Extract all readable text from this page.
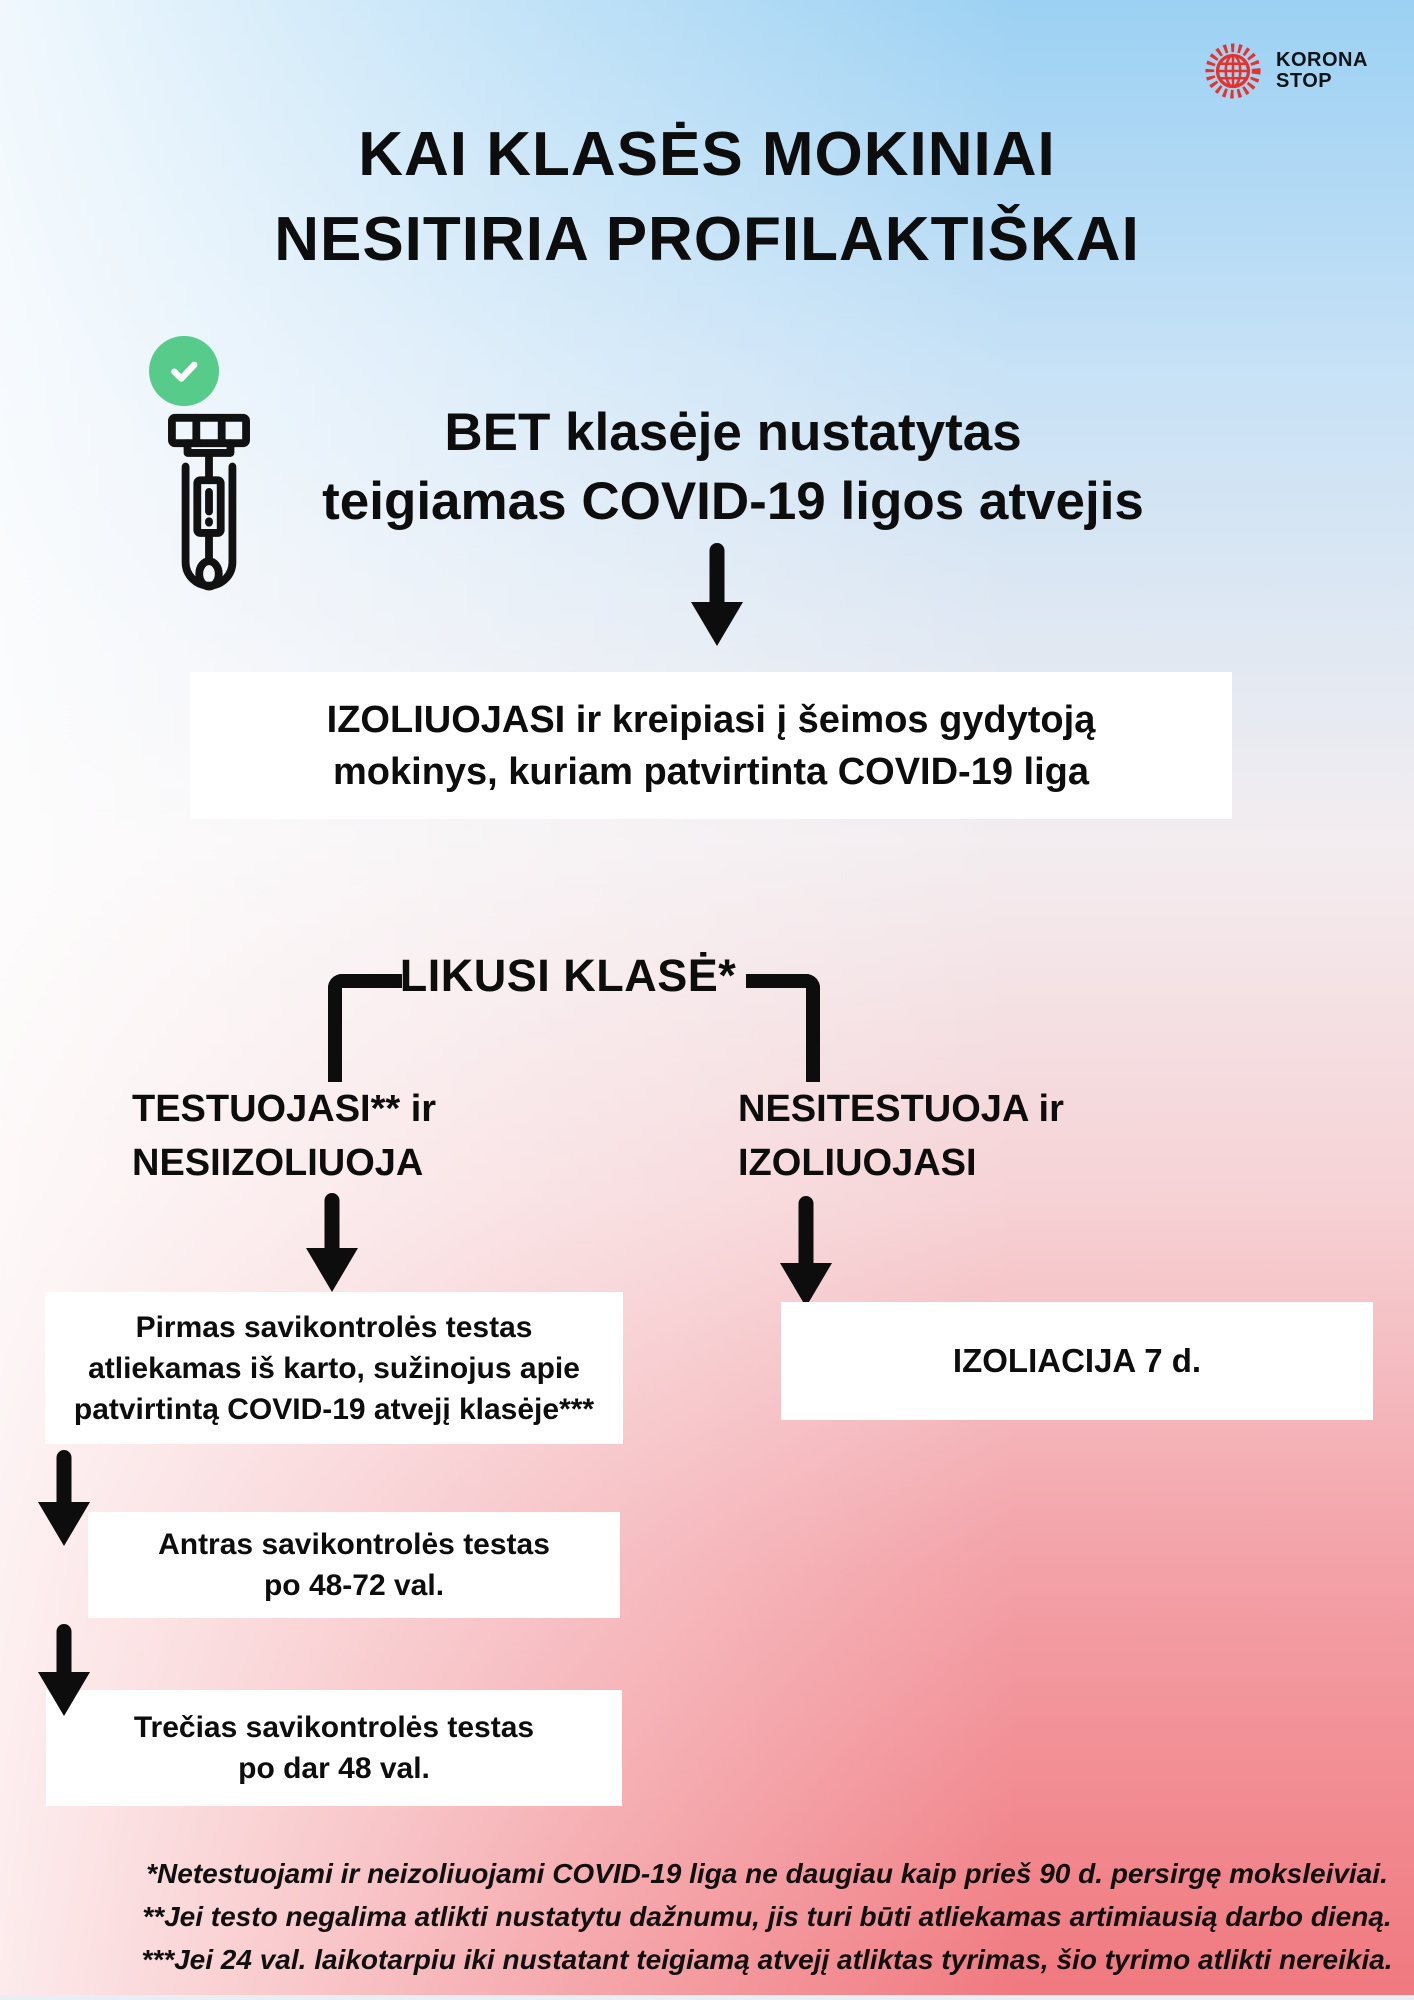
KORONA
STOP
KAI KLASĖS MOKINIAI
NESITIRIA PROFILAKTIŠKAI
BET klasėje nustatytas
teigiamas COVID-19 ligos atvejis
IZOLIUOJASI ir kreipiasi į šeimos gydytoją
mokinys, kuriam patvirtinta COVID-19 liga
LIKUSI KLASĖ*
TESTUOJASI** ir
NESIIZOLIUOJA
NESITESTUOJA ir
IZOLIUOJASI
Pirmas savikontrolės testas
atliekamas iš karto, sužinojus apie
patvirtintą COVID-19 atvejį klasėje***
Antras savikontrolės testas
po 48-72 val.
Trečias savikontrolės testas
po dar 48 val.
IZOLIACIJA 7 d.
*Netestuojami ir neizoliuojami COVID-19 liga ne daugiau kaip prieš 90 d. persirgę moksleiviai.
**Jei testo negalima atlikti nustatytu dažnumu, jis turi būti atliekamas artimiausią darbo dieną.
***Jei 24 val. laikotarpiu iki nustatant teigiamą atvejį atliktas tyrimas, šio tyrimo atlikti nereikia.
